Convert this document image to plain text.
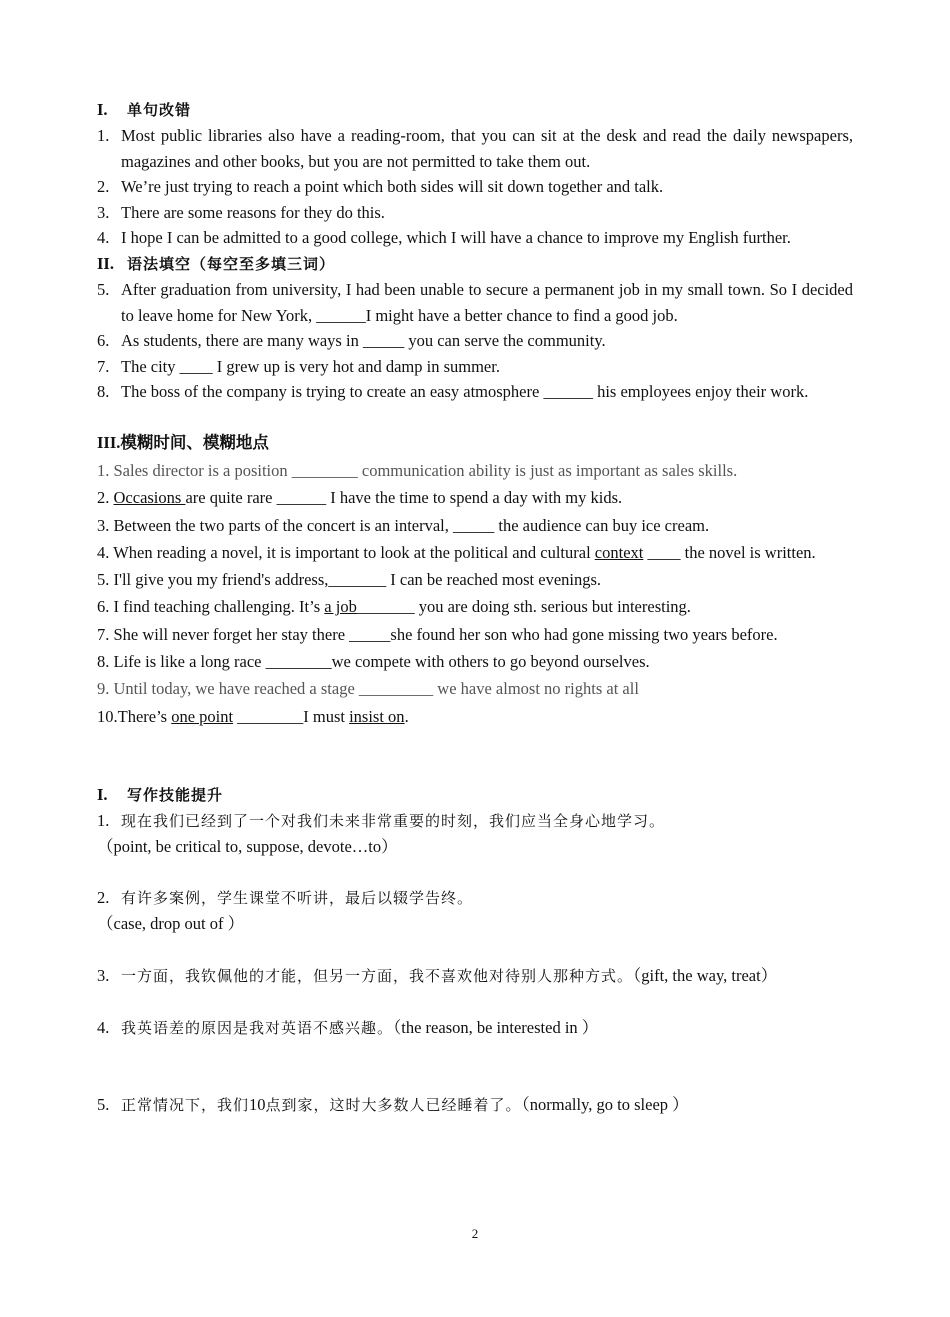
I. 单句改错
1. Most public libraries also have a reading-room, that you can sit at the desk and read the daily newspapers, magazines and other books, but you are not permitted to take them out.
2. We’re just trying to reach a point which both sides will sit down together and talk.
3. There are some reasons for they do this.
4. I hope I can be admitted to a good college, which I will have a chance to improve my English further.
II. 语法填空（每空至多填三词）
5. After graduation from university, I had been unable to secure a permanent job in my small town. So I decided to leave home for New York, ______I might have a better chance to find a good job.
6. As students, there are many ways in _____ you can serve the community.
7. The city ____ I grew up is very hot and damp in summer.
8. The boss of the company is trying to create an easy atmosphere ______ his employees enjoy their work.
III.模糊时间、模糊地点
1. Sales director is a position ________ communication ability is just as important as sales skills.
2. Occasions are quite rare ______ I have the time to spend a day with my kids.
3. Between the two parts of the concert is an interval, _____ the audience can buy ice cream.
4. When reading a novel, it is important to look at the political and cultural context ____ the novel is written.
5. I'll give you my friend's address,_______ I can be reached most evenings.
6. I find teaching challenging. It’s a job_______ you are doing sth. serious but interesting.
7. She will never forget her stay there _____she found her son who had gone missing two years before.
8. Life is like a long race ________we compete with others to go beyond ourselves.
9. Until today, we have reached a stage _________ we have almost no rights at all
10.There’s one point ________I must insist on.
I. 写作技能提升
1. 现在我们已经到了一个对我们未来非常重要的时刻，我们应当全身心地学习。
（point, be critical to, suppose, devote…to）
2. 有许多案例，学生课堂不听讲，最后以辍学告终。
（case, drop out of ）
3. 一方面，我钦佩他的才能，但另一方面，我不喜欢他对待别人那种方式。（gift, the way, treat）
4. 我英语差的原因是我对英语不感兴趣。（the reason, be interested in ）
5. 正常情况下，我们10点到家，这时大多数人已经睡着了。（normally, go to sleep ）
2
